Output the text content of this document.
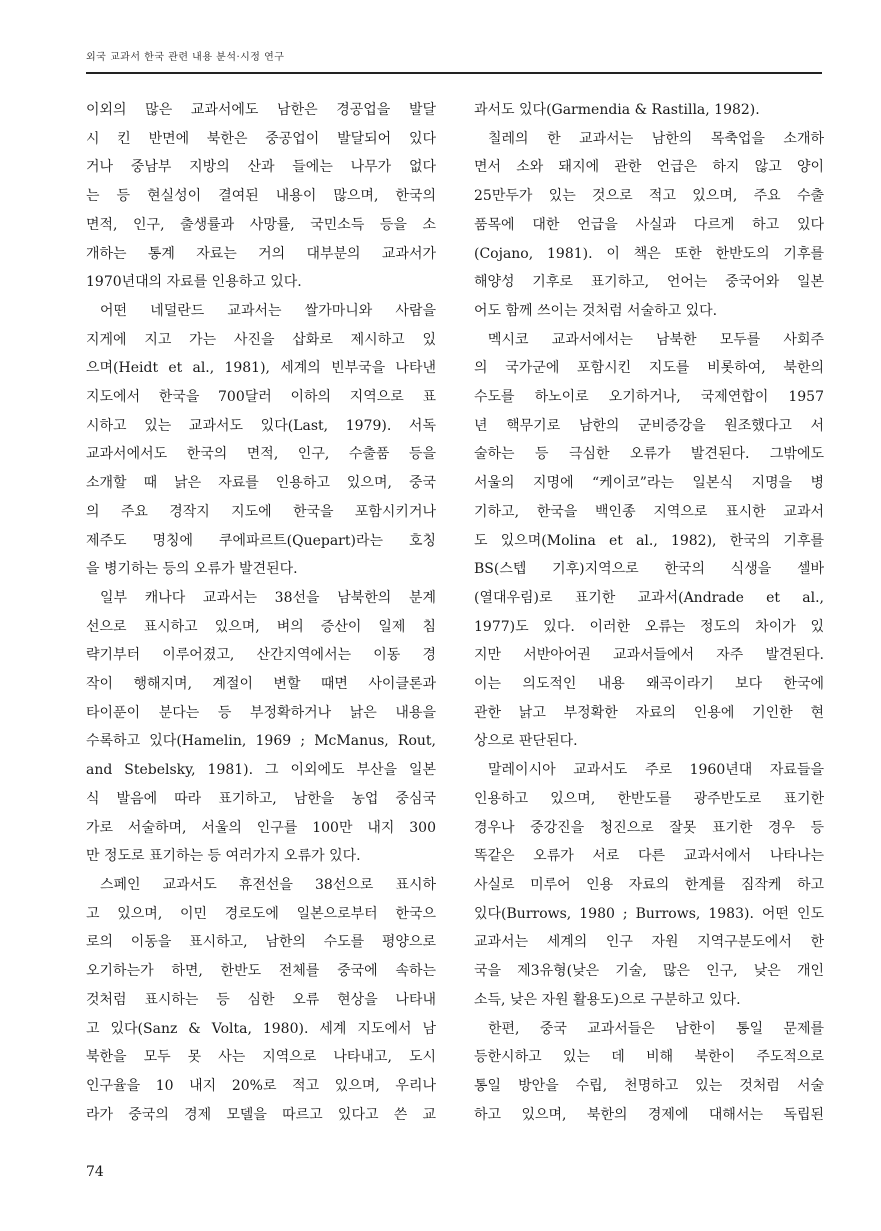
외국 교과서 한국 관련 내용 분석·시정 연구
이외의 많은 교과서에도 남한은 경공업을 발달
시 킨 반면에 북한은 중공업이 발달되어 있다
거나 중남부 지방의 산과 들에는 나무가 없다
는 등 현실성이 결여된 내용이 많으며, 한국의
면적, 인구, 출생률과 사망률, 국민소득 등을 소
개하는 통계 자료는 거의 대부분의 교과서가
1970년대의 자료를 인용하고 있다.
어떤 네덜란드 교과서는 쌀가마니와 사람을
지게에 지고 가는 사진을 삽화로 제시하고 있
으며(Heidt et al., 1981), 세계의 빈부국을 나타낸
지도에서 한국을 700달러 이하의 지역으로 표
시하고 있는 교과서도 있다(Last, 1979). 서독
교과서에서도 한국의 면적, 인구, 수출품 등을
소개할 때 낡은 자료를 인용하고 있으며, 중국
의 주요 경작지 지도에 한국을 포함시키거나
제주도 명칭에 쿠에파르트(Quepart)라는 호칭
을 병기하는 등의 오류가 발견된다.
일부 캐나다 교과서는 38선을 남북한의 분계
선으로 표시하고 있으며, 벼의 증산이 일제 침
략기부터 이루어졌고, 산간지역에서는 이동 경
작이 행해지며, 계절이 변할 때면 사이클론과
타이푼이 분다는 등 부정확하거나 낡은 내용을
수록하고 있다(Hamelin, 1969 ; McManus, Rout,
and Stebelsky, 1981). 그 이외에도 부산을 일본
식 발음에 따라 표기하고, 남한을 농업 중심국
가로 서술하며, 서울의 인구를 100만 내지 300
만 정도로 표기하는 등 여러가지 오류가 있다.
스페인 교과서도 휴전선을 38선으로 표시하
고 있으며, 이민 경로도에 일본으로부터 한국으
로의 이동을 표시하고, 남한의 수도를 평양으로
오기하는가 하면, 한반도 전체를 중국에 속하는
것처럼 표시하는 등 심한 오류 현상을 나타내
고 있다(Sanz & Volta, 1980). 세계 지도에서 남
북한을 모두 못 사는 지역으로 나타내고, 도시
인구율을 10 내지 20%로 적고 있으며, 우리나
라가 중국의 경제 모델을 따르고 있다고 쓴 교
과서도 있다(Garmendia & Rastilla, 1982).
칠레의 한 교과서는 남한의 목축업을 소개하
면서 소와 돼지에 관한 언급은 하지 않고 양이
25만두가 있는 것으로 적고 있으며, 주요 수출
품목에 대한 언급을 사실과 다르게 하고 있다
(Cojano, 1981). 이 책은 또한 한반도의 기후를
해양성 기후로 표기하고, 언어는 중국어와 일본
어도 함께 쓰이는 것처럼 서술하고 있다.
멕시코 교과서에서는 남북한 모두를 사회주
의 국가군에 포함시킨 지도를 비롯하여, 북한의
수도를 하노이로 오기하거나, 국제연합이 1957
년 핵무기로 남한의 군비증강을 원조했다고 서
술하는 등 극심한 오류가 발견된다. 그밖에도
서울의 지명에 “케이코”라는 일본식 지명을 병
기하고, 한국을 백인종 지역으로 표시한 교과서
도 있으며(Molina et al., 1982), 한국의 기후를
BS(스텝 기후)지역으로 한국의 식생을 셀바
(열대우림)로 표기한 교과서(Andrade et al.,
1977)도 있다. 이러한 오류는 정도의 차이가 있
지만 서반아어권 교과서들에서 자주 발견된다.
이는 의도적인 내용 왜곡이라기 보다 한국에
관한 낡고 부정확한 자료의 인용에 기인한 현
상으로 판단된다.
말레이시아 교과서도 주로 1960년대 자료들을
인용하고 있으며, 한반도를 광주반도로 표기한
경우나 중강진을 청진으로 잘못 표기한 경우 등
똑같은 오류가 서로 다른 교과서에서 나타나는
사실로 미루어 인용 자료의 한계를 짐작케 하고
있다(Burrows, 1980 ; Burrows, 1983). 어떤 인도
교과서는 세계의 인구 자원 지역구분도에서 한
국을 제3유형(낮은 기술, 많은 인구, 낮은 개인
소득, 낮은 자원 활용도)으로 구분하고 있다.
한편, 중국 교과서들은 남한이 통일 문제를
등한시하고 있는 데 비해 북한이 주도적으로
통일 방안을 수립, 천명하고 있는 것처럼 서술
하고 있으며, 북한의 경제에 대해서는 독립된
74
